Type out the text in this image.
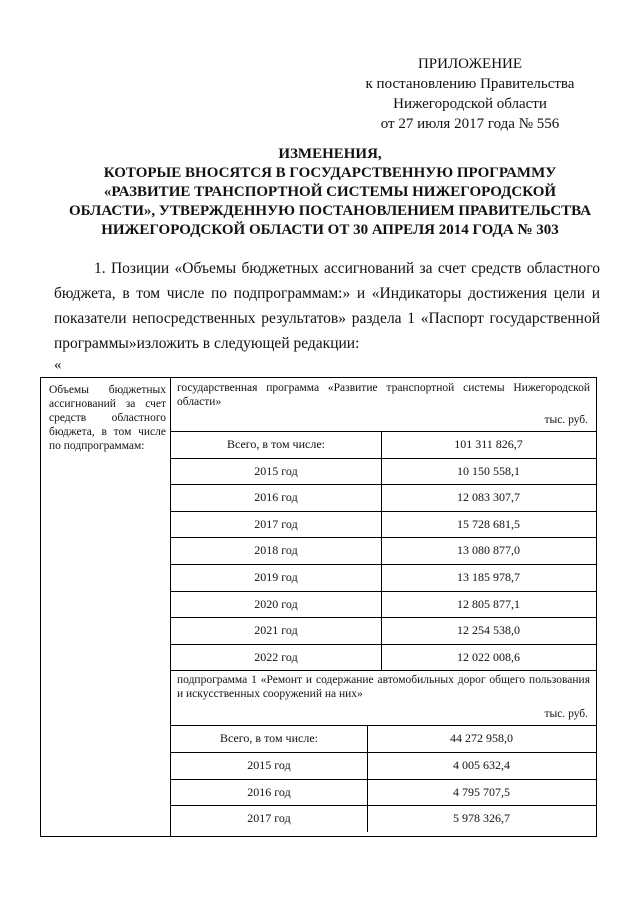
ПРИЛОЖЕНИЕ
к постановлению Правительства
Нижегородской области
от 27 июля 2017 года № 556
ИЗМЕНЕНИЯ,
КОТОРЫЕ ВНОСЯТСЯ В ГОСУДАРСТВЕННУЮ ПРОГРАММУ
«РАЗВИТИЕ ТРАНСПОРТНОЙ СИСТЕМЫ НИЖЕГОРОДСКОЙ
ОБЛАСТИ», УТВЕРЖДЕННУЮ ПОСТАНОВЛЕНИЕМ ПРАВИТЕЛЬСТВА
НИЖЕГОРОДСКОЙ ОБЛАСТИ ОТ 30 АПРЕЛЯ 2014 ГОДА № 303
1. Позиции «Объемы бюджетных ассигнований за счет средств областного бюджета, в том числе по подпрограммам:» и «Индикаторы достижения цели и показатели непосредственных результатов» раздела 1 «Паспорт государственной программы»изложить в следующей редакции:
«
Объемы бюджетных ассигнований за счет средств областного бюджета, в том числе по подпрограммам:
государственная программа «Развитие транспортной системы Нижегородской области»
тыс. руб.
Всего, в том числе:	101 311 826,7
2015 год	10 150 558,1
2016 год	12 083 307,7
2017 год	15 728 681,5
2018 год	13 080 877,0
2019 год	13 185 978,7
2020 год	12 805 877,1
2021 год	12 254 538,0
2022 год	12 022 008,6
подпрограмма 1 «Ремонт и содержание автомобильных дорог общего пользования и искусственных сооружений на них»
тыс. руб.
Всего, в том числе:	44 272 958,0
2015 год	4 005 632,4
2016 год	4 795 707,5
2017 год	5 978 326,7
